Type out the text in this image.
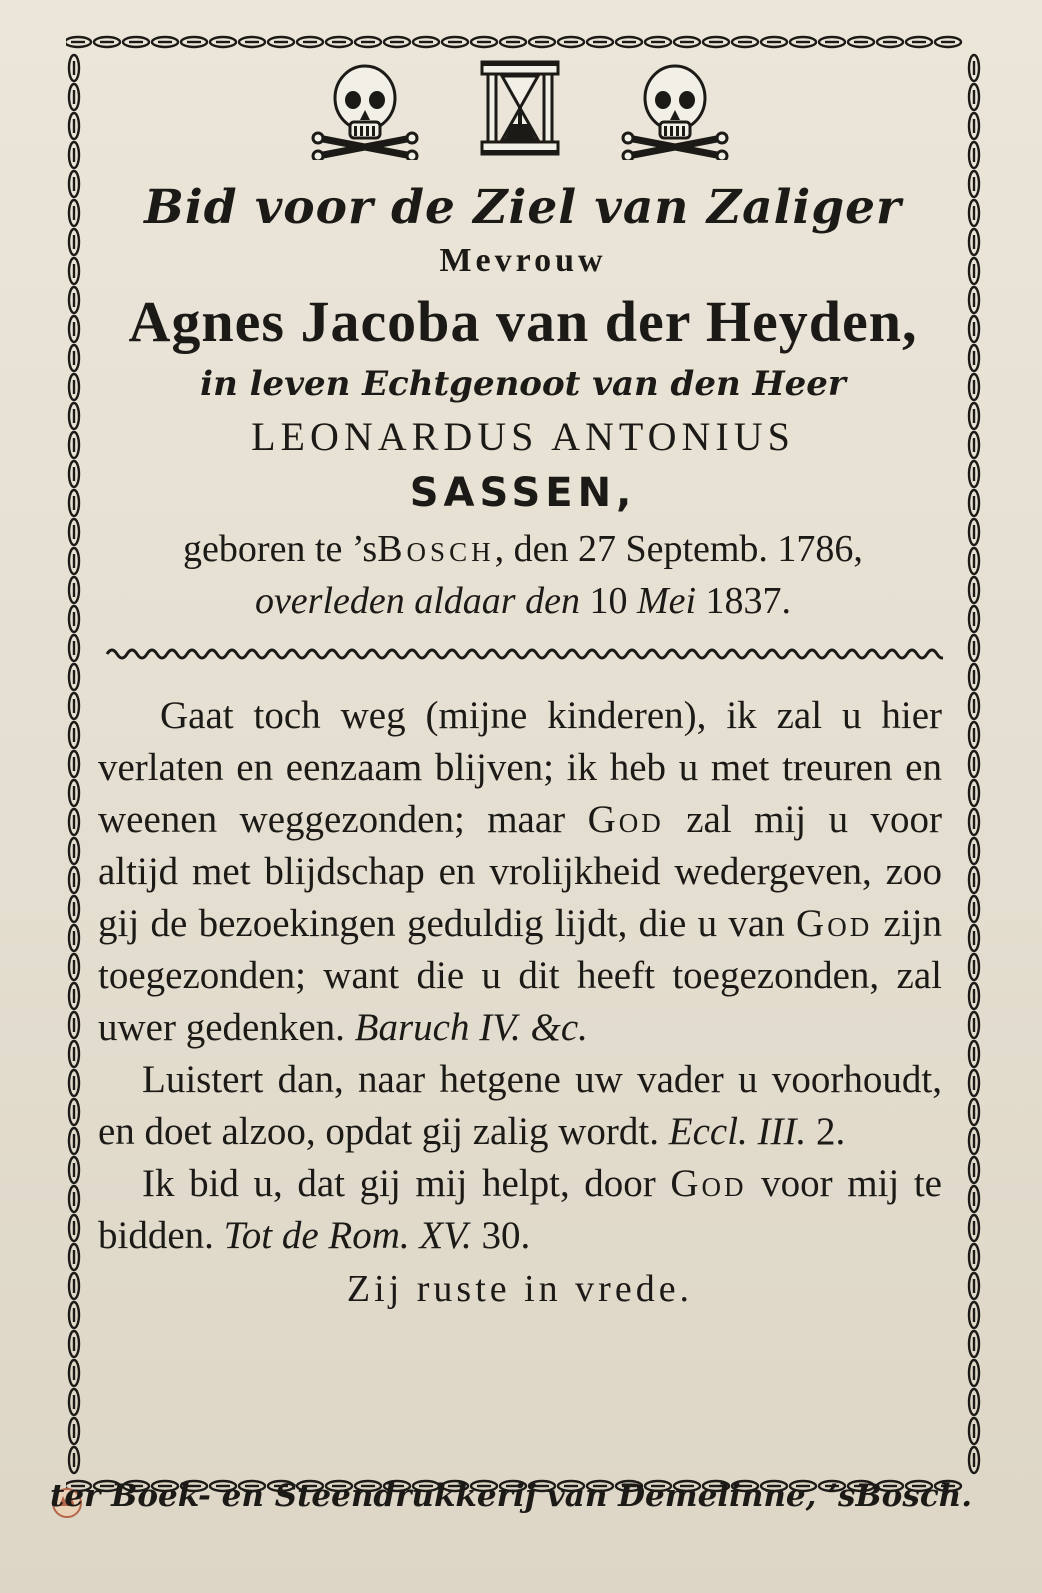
Bid voor de Ziel van Zaliger
Mevrouw
Agnes Jacoba van der Heyden,
in leven Echtgenoot van den Heer
LEONARDUS ANTONIUS
SASSEN,
geboren te ’sBosch, den 27 Septemb. 1786,
overleden aldaar den 10 Mei 1837.
Gaat toch weg (mijne kinderen), ik zal u hier verlaten en eenzaam blijven; ik heb u met treuren en weenen weggezonden; maar God zal mij u voor altijd met blijdschap en vrolijkheid wedergeven, zoo gij de bezoekingen geduldig lijdt, die u van God zijn toegezonden; want die u dit heeft toegezonden, zal uwer gedenken. Baruch IV. &c.
Luistert dan, naar hetgene uw vader u voorhoudt, en doet alzoo, opdat gij zalig wordt. Eccl. III. 2.
Ik bid u, dat gij mij helpt, door God voor mij te bidden. Tot de Rom. XV. 30.
Zij ruste in vrede.
ter Boek- en Steendrukkerij van Demelinne, ’sBosch.
